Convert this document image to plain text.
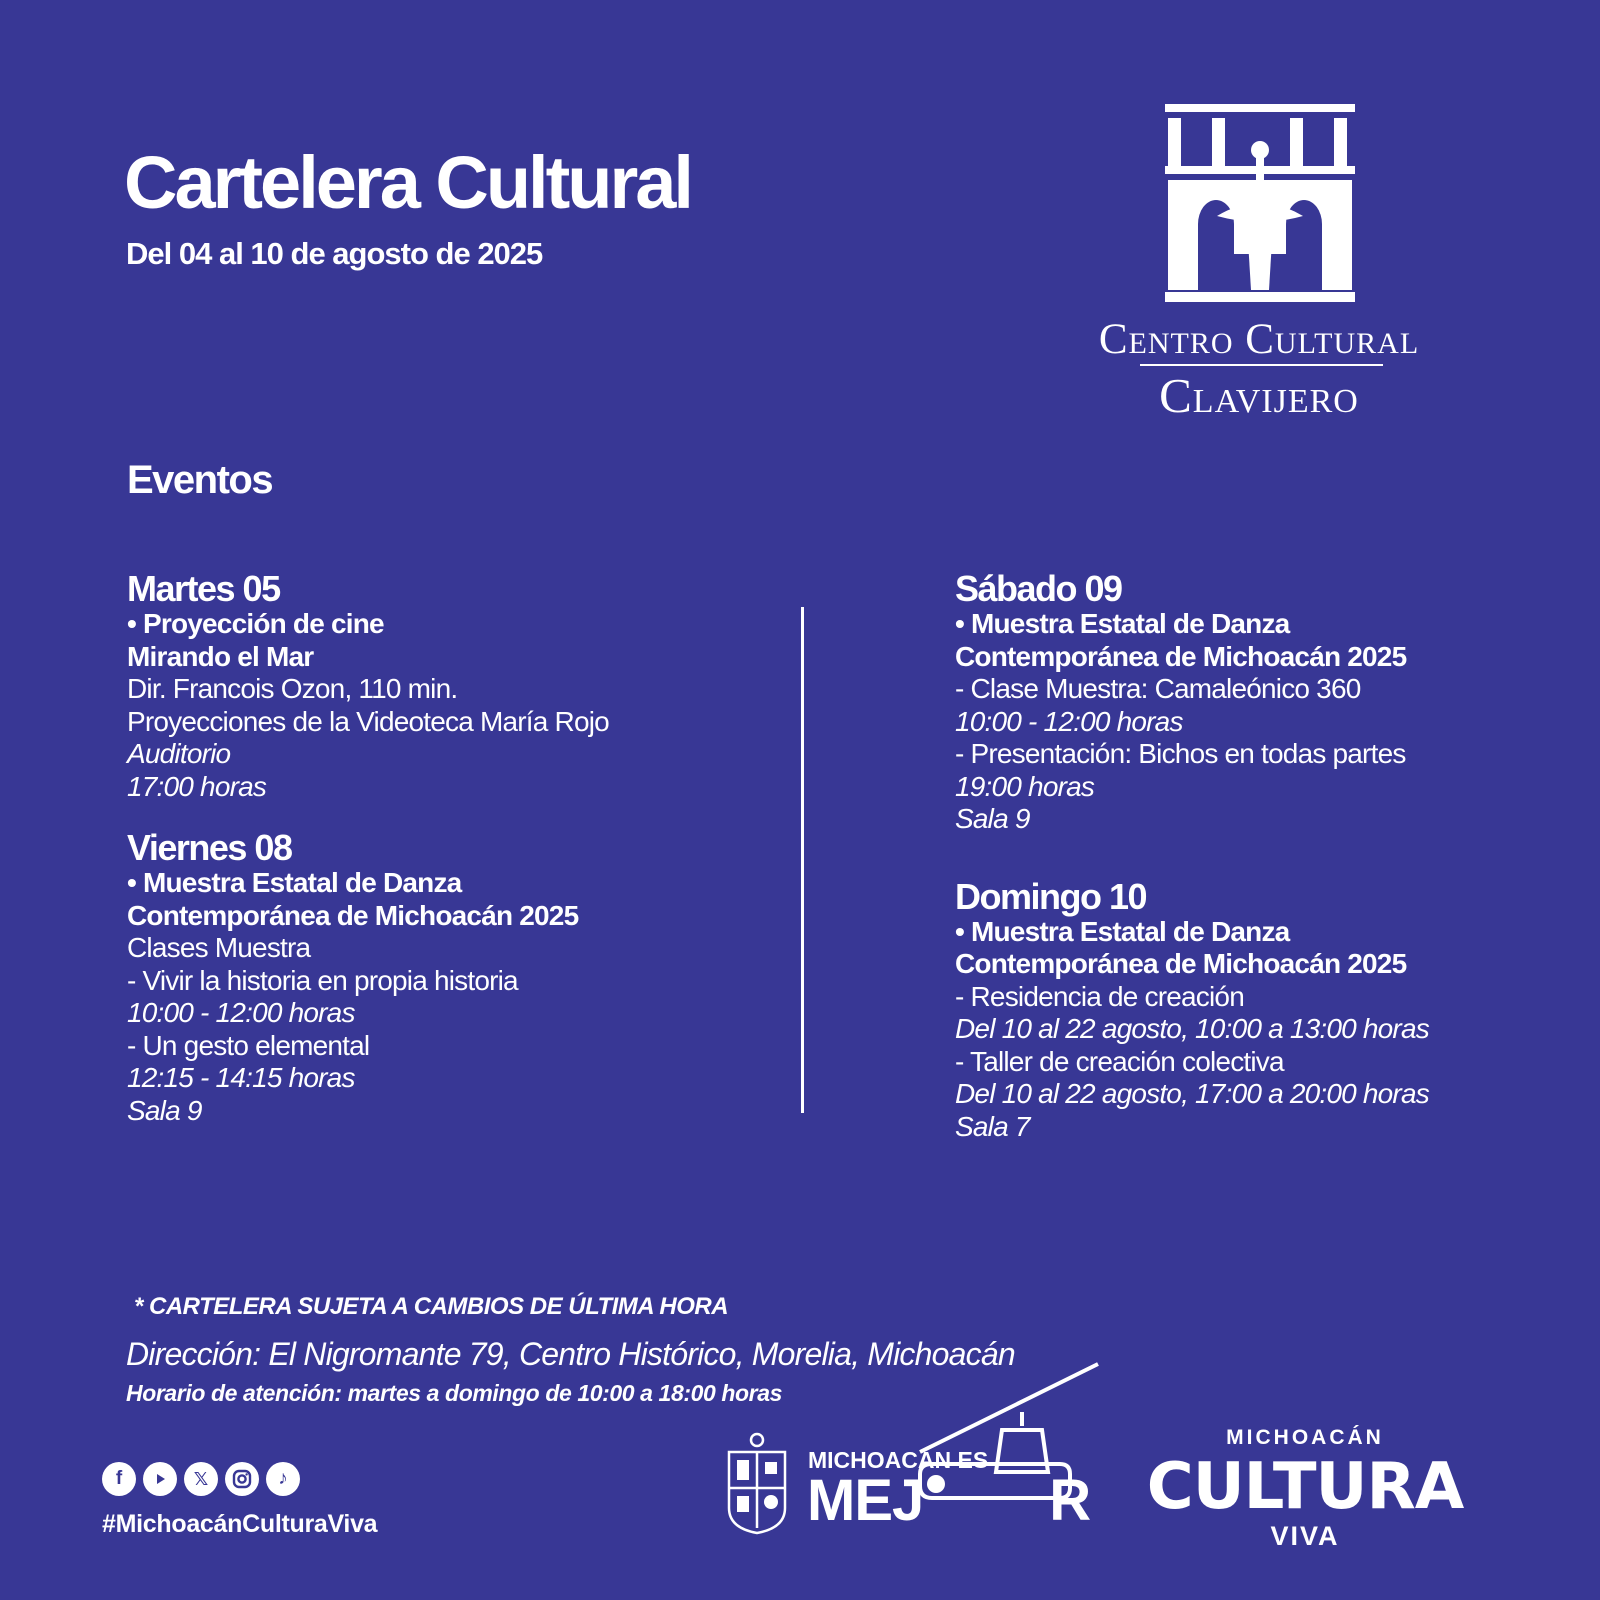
Cartelera Cultural
Del 04 al 10 de agosto de 2025
Centro Cultural
Clavijero
Eventos
Martes 05
• Proyección de cine
Mirando el Mar
Dir. Francois Ozon, 110 min.
Proyecciones de la Videoteca María Rojo
Auditorio
17:00 horas
Viernes 08
• Muestra Estatal de Danza
Contemporánea de Michoacán 2025
Clases Muestra
- Vivir la historia en propia historia
10:00 - 12:00 horas
- Un gesto elemental
12:15 - 14:15 horas
Sala 9
Sábado 09
• Muestra Estatal de Danza
Contemporánea de Michoacán 2025
- Clase Muestra: Camaleónico 360
10:00 - 12:00 horas
- Presentación: Bichos en todas partes
19:00 horas
Sala 9
Domingo 10
• Muestra Estatal de Danza
Contemporánea de Michoacán 2025
- Residencia de creación
Del 10 al 22 agosto, 10:00 a 13:00 horas
- Taller de creación colectiva
Del 10 al 22 agosto, 17:00 a 20:00 horas
Sala 7
* CARTELERA SUJETA A CAMBIOS DE ÚLTIMA HORA
Dirección: El Nigromante 79, Centro Histórico, Morelia, Michoacán
Horario de atención: martes a domingo de 10:00 a 18:00 horas
f	𝕏	♪
#MichoacánCulturaViva
MICHOACÁN ES
MEJ R
MICHOACÁN
CULTURA
VIVA
